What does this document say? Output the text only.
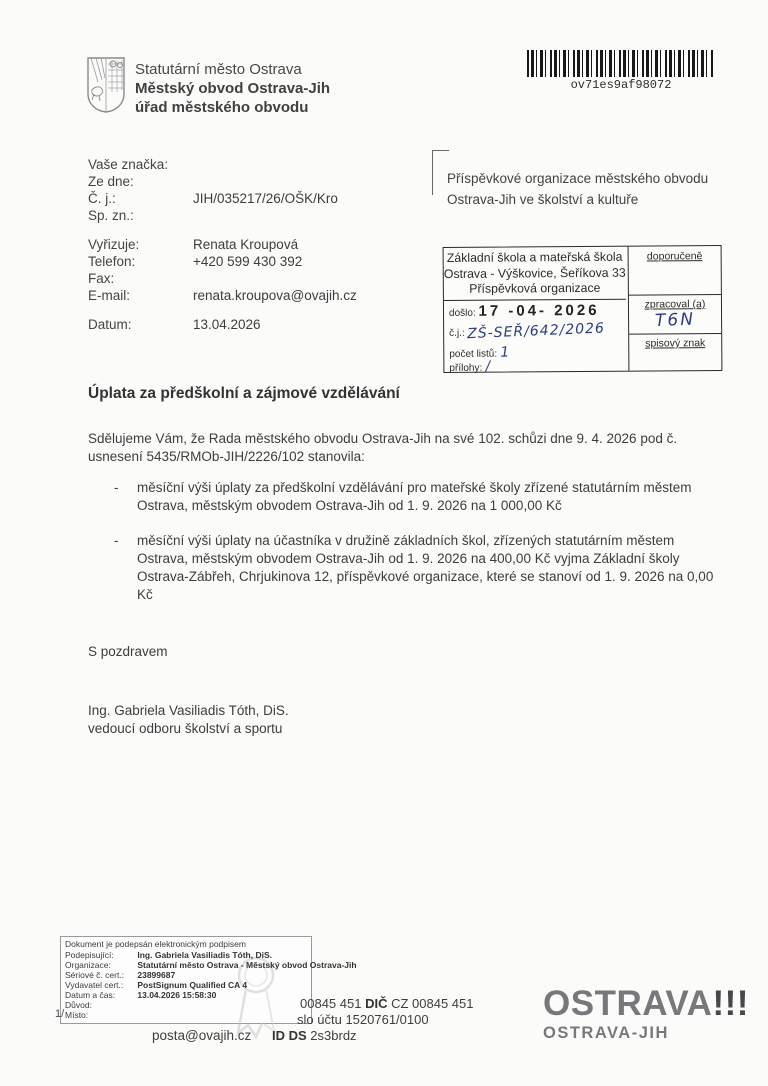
Statutární město Ostrava
Městský obvod Ostrava-Jih
úřad městského obvodu
ov71es9af98072
Vaše značka:
Ze dne:
Č. j.:	JIH/035217/26/OŠK/Kro
Sp. zn.:
Vyřizuje:	Renata Kroupová
Telefon:	+420 599 430 392
Fax:
E-mail:	renata.kroupova@ovajih.cz
Datum:	13.04.2026
Příspěvkové organizace městského obvodu
Ostrava-Jih ve školství a kultuře
Základní škola a mateřská škola
Ostrava - Výškovice, Šeříkova 33
Příspěvková organizace
došlo: 17 -04- 2026
č.j.: ZŠ-SEŘ/642/2026
počet listů: 1
přílohy: /
doporučeně
zpracoval (a)
T6N
spisový znak
Úplata za předškolní a zájmové vzdělávání
Sdělujeme Vám, že Rada městského obvodu Ostrava-Jih na své 102. schůzi dne 9. 4. 2026 pod č. usnesení 5435/RMOb-JIH/2226/102 stanovila:
- měsíční výši úplaty za předškolní vzdělávání pro mateřské školy zřízené statutárním městem Ostrava, městským obvodem Ostrava-Jih od 1. 9. 2026 na 1 000,00 Kč
- měsíční výši úplaty na účastníka v družině základních škol, zřízených statutárním městem Ostrava, městským obvodem Ostrava-Jih od 1. 9. 2026 na 400,00 Kč vyjma Základní školy Ostrava-Zábřeh, Chrjukinova 12, příspěvkové organizace, které se stanoví od 1. 9. 2026 na 0,00 Kč
S pozdravem
Ing. Gabriela Vasiliadis Tóth, DiS.
vedoucí odboru školství a sportu
Dokument je podepsán elektronickým podpisem
Podepisující:	Ing. Gabriela Vasiliadis Tóth, DiS.
Organizace:	Statutární město Ostrava - Městský obvod Ostrava-Jih
Sériové č. cert.: 23899687
Vydavatel cert.: PostSignum Qualified CA 4
Datum a čas:	13.04.2026 15:58:30
Důvod:
Místo:
1/
00845 451 DIČ CZ 00845 451
slo účtu 1520761/0100
ID DS 2s3brdz
posta@ovajih.cz
OSTRAVA!!!
OSTRAVA-JIH
